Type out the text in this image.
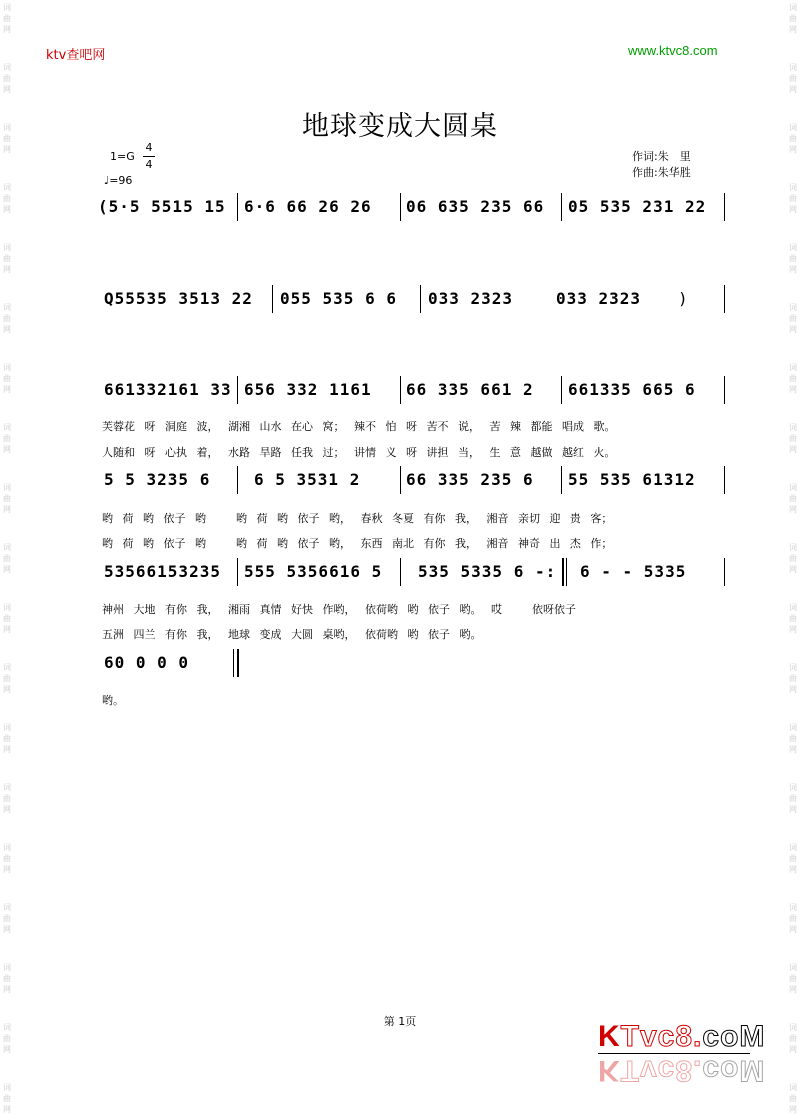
词
曲
网
词
曲
网
词
曲
网
词
曲
网
词
曲
网
词
曲
网
词
曲
网
词
曲
网
词
曲
网
词
曲
网
词
曲
网
词
曲
网
词
曲
网
词
曲
网
词
曲
网
词
曲
网
词
曲
网
词
曲
网
词
曲
网
词
曲
网
词
曲
网
词
曲
网
词
曲
网
词
曲
网
词
曲
网
词
曲
网
词
曲
网
词
曲
网
词
曲
网
词
曲
网
词
曲
网
词
曲
网
词
曲
网
词
曲
网
词
曲
网
词
曲
网
词
曲
网
词
曲
网
ktv查吧网	www.ktvc8.com
地球变成大圆桌
1=G
4
4
♩=96
作词:朱　里
作曲:朱华胜
(5·5 5515 15 6·6 66 26 26 06 635 235 66 05 535 231 22
Q55535 3513 22 055 535 6 6 033 2323	033 2323 )
661332161 33 656 332 1161 66 335 661 2 661335 665 6
芙蓉花 呀 洞庭 波， 湖湘 山水 在心 窝； 辣不 怕 呀 苦不 说， 苦 辣 都能 唱成 歌。
人随和 呀 心执 着， 水路 旱路 任我 过； 讲情 义 呀 讲担 当， 生 意 越做 越红 火。
5 5 3235 6	6 5 3531 2	66 335 235 6 55 535 61312
哟 荷 哟 依子 哟 　 哟 荷 哟 依子 哟， 春秋 冬夏 有你 我， 湘音 亲切 迎 贵 客；
哟 荷 哟 依子 哟 　 哟 荷 哟 依子 哟， 东西 南北 有你 我， 湘音 神奇 出 杰 作；
53566153235 555 5356616 5 535 5335 6 -: 6 - - 5335
神州 大地 有你 我， 湘雨 真情 好快 作哟， 依荷哟 哟 依子 哟。 哎 　 依呀依子
五洲 四兰 有你 我， 地球 变成 大圆 桌哟， 依荷哟 哟 依子 哟。
60 0 0 0
哟。
第 1页	KTvc8.coM
KTvc8.coM
